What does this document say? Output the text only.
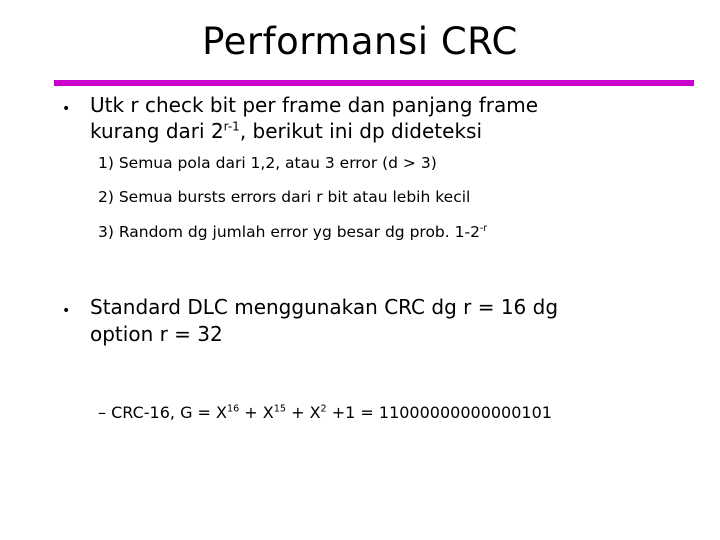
Performansi CRC
• Utk r check bit per frame dan panjang frame
kurang dari 2$^{r-1}$, berikut ini dp dideteksi
1) Semua pola dari 1,2, atau 3 error (d > 3)
2) Semua bursts errors dari r bit atau lebih kecil
3) Random dg jumlah error yg besar dg prob. $1-2^{-r}$
• Standard DLC menggunakan CRC dg r = 16 dg
option r = 32
– CRC-16, $G = X^{16} + X^{15} + X^2 +1 = 11000000000000101$
